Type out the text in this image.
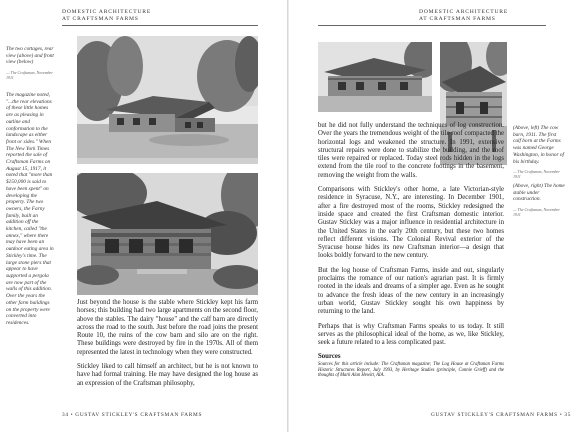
DOMESTIC ARCHITECTURE
AT CRAFTSMAN FARMS

The two cottages, rear view (above) and front view (below)

— The Craftsman, November 1911

The magazine noted, "...the rear elevations of these little homes are as pleasing in outline and conformation to the landscape as either front or sides." When The New York Times reported the sale of Craftsman Farms on August 15, 1917, it noted that "more than $150,000 is said to have been spent" on developing the property. The two owners, the Farny family, built an addition off the kitchen, called "the annex," where there may have been an outdoor eating area in Stickley's time. The large stone piers that appear to have supported a pergola are now part of the walls of this addition. Over the years the other farm buildings on the property were converted into residences.

Just beyond the house is the stable where Stickley kept his farm horses; this building had two large apartments on the second floor, above the stables. The dairy "house" and the calf barn are directly across the road to the south. Just before the road joins the present Route 10, the ruins of the cow barn and silo are on the right. These buildings were destroyed by fire in the 1970s. All of them represented the latest in technology when they were constructed.

Stickley liked to call himself an architect, but he is not known to have had formal training. He may have designed the log house as an expression of the Craftsman philosophy,

34 • GUSTAV STICKLEY'S CRAFTSMAN FARMS
DOMESTIC ARCHITECTURE
AT CRAFTSMAN FARMS

(Above, left) The cow barn, 1911. The first calf born at the Farms was named George Washington, in honor of his birthday.

— The Craftsman, November 1911

(Above, right) The home stable under construction.

— The Craftsman, November 1911

but he did not fully understand the techniques of log construction. Over the years the tremendous weight of the tile roof compacted the horizontal logs and weakened the structure. In 1991, extensive structural repairs were done to stabilize the building, and the roof tiles were repaired or replaced. Today steel rods hidden in the logs extend from the tile roof to the concrete footings in the basement, removing the weight from the walls.

Comparisons with Stickley's other home, a late Victorian-style residence in Syracuse, N.Y., are interesting. In December 1901, after a fire destroyed most of the rooms, Stickley redesigned the inside space and created the first Craftsman domestic interior. Gustav Stickley was a major influence in residential architecture in the United States in the early 20th century, but these two homes reflect different visions. The Colonial Revival exterior of the Syracuse house hides its new Craftsman interior—a design that looks boldly forward to the new century.

But the log house of Craftsman Farms, inside and out, singularly proclaims the romance of our nation's agrarian past. It is firmly rooted in the ideals and dreams of a simpler age. Even as he sought to advance the fresh ideas of the new century in an increasingly urban world, Gustav Stickley sought his own happiness by returning to the land.

Perhaps that is why Craftsman Farms speaks to us today. It still serves as the philosophical ideal of the home, as we, like Stickley, seek a future related to a less complicated past.

Sources

Sources for this article include: The Craftsman magazine; The Log House at Craftsman Farms Historic Structures Report, July 1993, by Heritage Studies (principle, Connie Grieff) and the thoughts of Mark Alan Hewitt, AIA.

GUSTAV STICKLEY'S CRAFTSMAN FARMS • 35
